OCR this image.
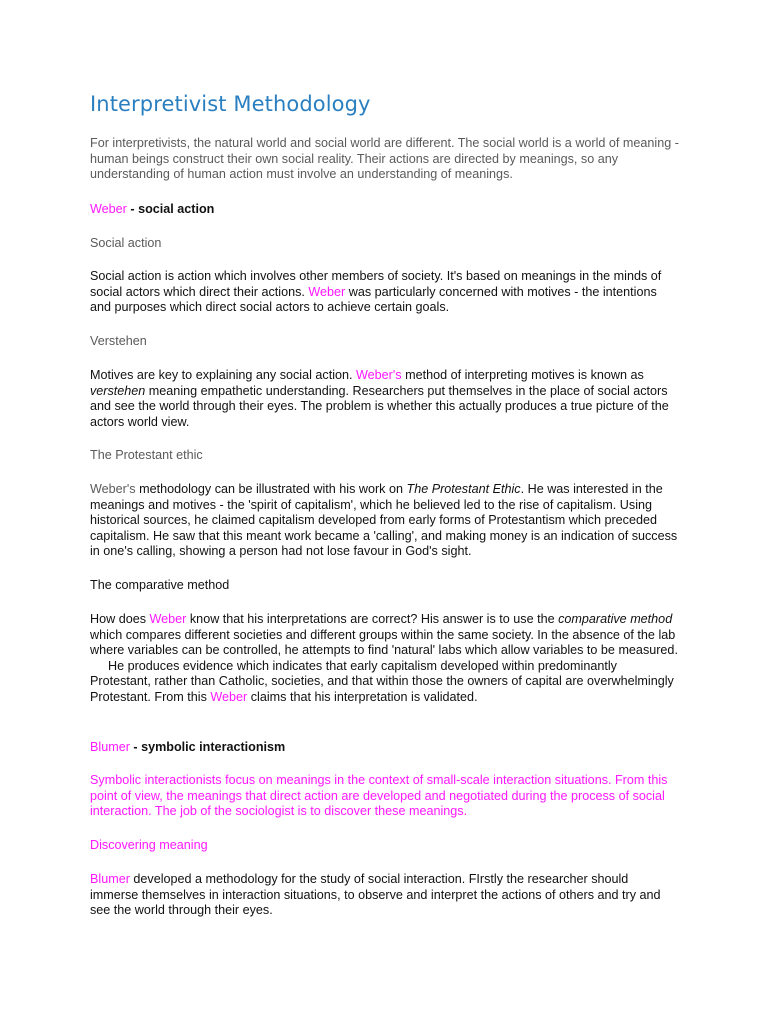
Interpretivist Methodology

For interpretivists, the natural world and social world are different. The social world is a world of meaning - human beings construct their own social reality. Their actions are directed by meanings, so any understanding of human action must involve an understanding of meanings.

Weber - social action

Social action

Social action is action which involves other members of society. It's based on meanings in the minds of social actors which direct their actions. Weber was particularly concerned with motives - the intentions and purposes which direct social actors to achieve certain goals.

Verstehen

Motives are key to explaining any social action. Weber's method of interpreting motives is known as verstehen meaning empathetic understanding. Researchers put themselves in the place of social actors and see the world through their eyes. The problem is whether this actually produces a true picture of the actors world view.

The Protestant ethic

Weber's methodology can be illustrated with his work on The Protestant Ethic. He was interested in the meanings and motives - the 'spirit of capitalism', which he believed led to the rise of capitalism. Using historical sources, he claimed capitalism developed from early forms of Protestantism which preceded capitalism. He saw that this meant work became a 'calling', and making money is an indication of success in one's calling, showing a person had not lose favour in God's sight.

The comparative method

How does Weber know that his interpretations are correct? His answer is to use the comparative method which compares different societies and different groups within the same society. In the absence of the lab where variables can be controlled, he attempts to find 'natural' labs which allow variables to be measured.
He produces evidence which indicates that early capitalism developed within predominantly Protestant, rather than Catholic, societies, and that within those the owners of capital are overwhelmingly Protestant. From this Weber claims that his interpretation is validated.

Blumer - symbolic interactionism

Symbolic interactionists focus on meanings in the context of small-scale interaction situations. From this point of view, the meanings that direct action are developed and negotiated during the process of social interaction. The job of the sociologist is to discover these meanings.

Discovering meaning

Blumer developed a methodology for the study of social interaction. FIrstly the researcher should immerse themselves in interaction situations, to observe and interpret the actions of others and try and see the world through their eyes.
